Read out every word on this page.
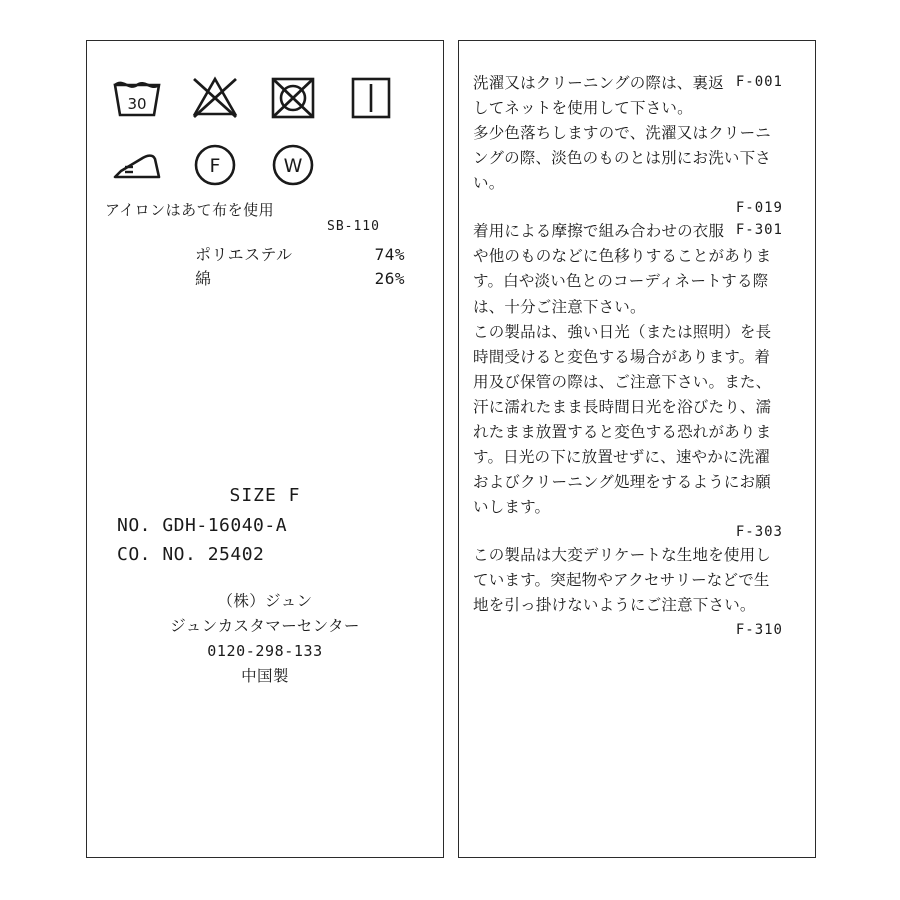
30
F	W
アイロンはあて布を使用
SB-110
ポリエステル	74%
綿	26%
SIZE F
NO. GDH-16040-A
CO. NO. 25402
（株）ジュン
ジュンカスタマーセンター
0120-298-133
中国製
F-001
洗濯又はクリーニングの際は、裏返してネットを使用して下さい。
多少色落ちしますので、洗濯又はクリーニングの際、淡色のものとは別にお洗い下さい。
F-019
F-301
着用による摩擦で組み合わせの衣服や他のものなどに色移りすることがあります。白や淡い色とのコーディネートする際は、十分ご注意下さい。
この製品は、強い日光（または照明）を長時間受けると変色する場合があります。着用及び保管の際は、ご注意下さい。また、汗に濡れたまま長時間日光を浴びたり、濡れたまま放置すると変色する恐れがあります。日光の下に放置せずに、速やかに洗濯およびクリーニング処理をするようにお願いします。
F-303
この製品は大変デリケートな生地を使用しています。突起物やアクセサリーなどで生地を引っ掛けないようにご注意下さい。
F-310
